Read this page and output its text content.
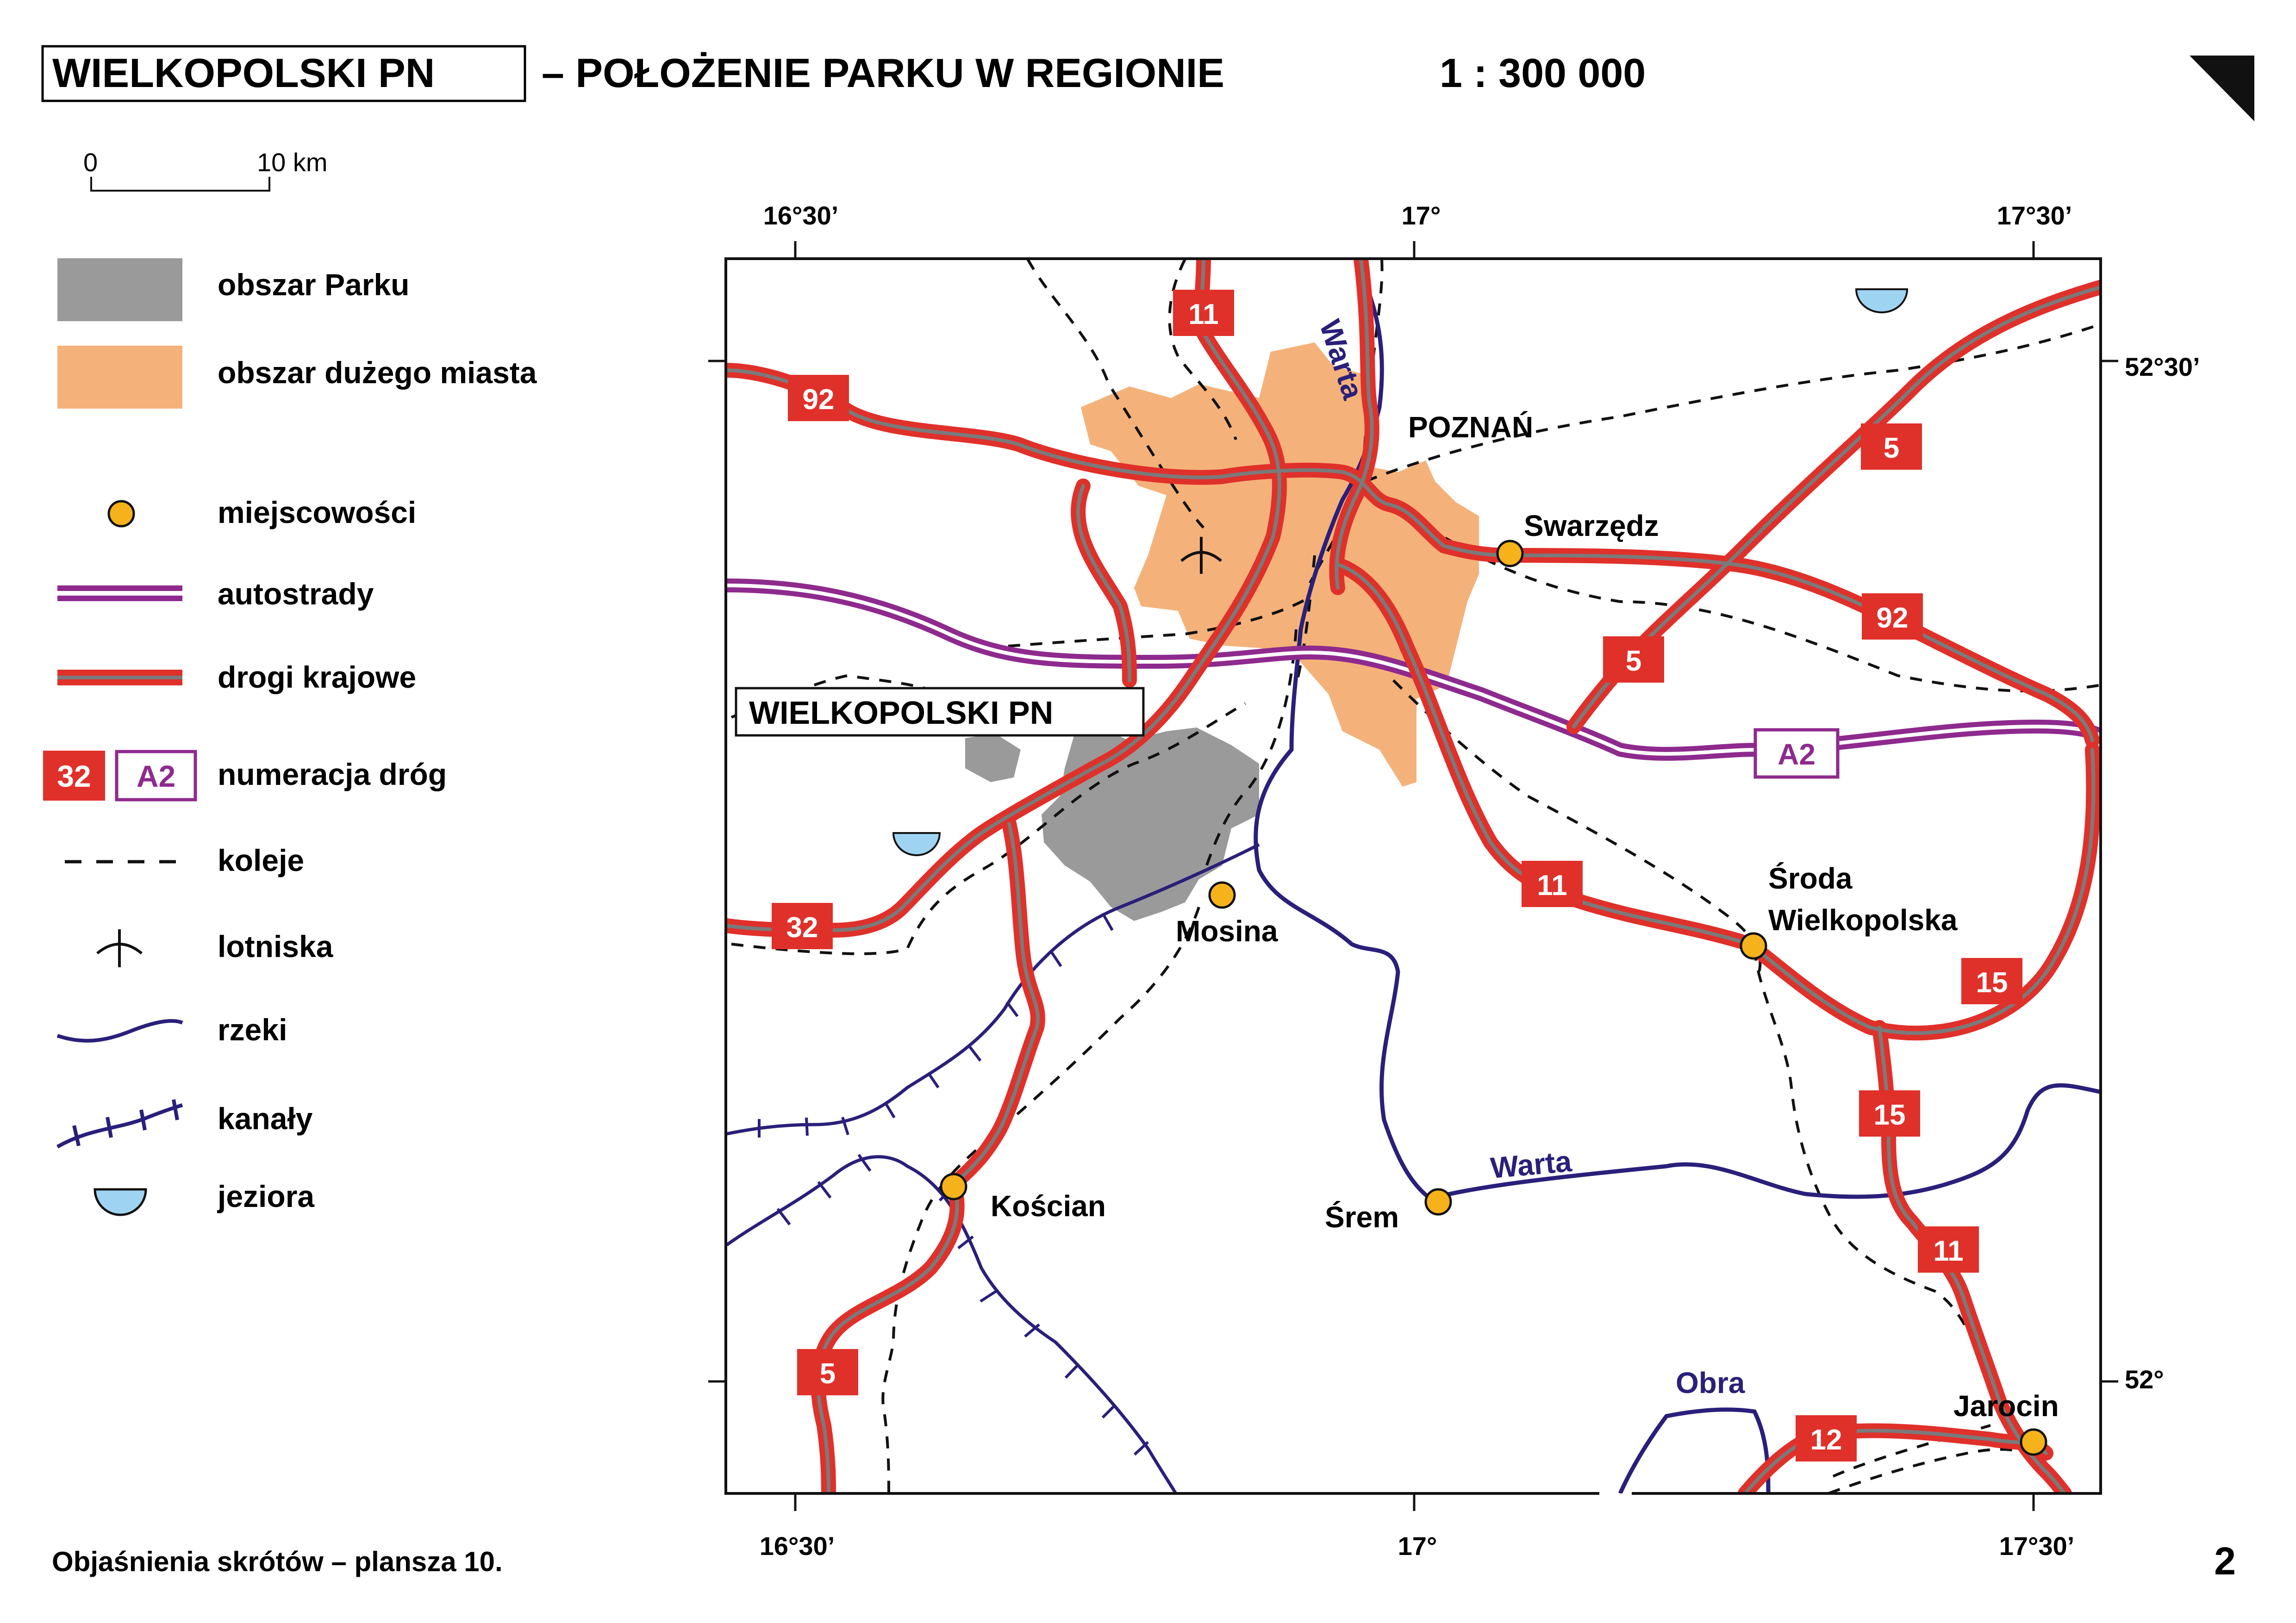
WIELKOPOLSKI PN	– POŁOŻENIE PARKU W REGIONIE	1 : 300 000
0	10 km
obszar Parku
obszar dużego miasta
miejscowości
autostrady
drogi krajowe
32 A2 numeracja dróg
koleje
lotniska
rzeki
kanały
jeziora
16°30’	17°	17°30’
16°30’	17°	17°30’
52°30’
52°
11
92
5
5
92
A2
32
11
15
15
11
5
12
POZNAŃ
Swarzędz
Środa
Wielkopolska
Mosina
Kościan	Śrem
Jarocin
Warta
Warta
Obra
WIELKOPOLSKI PN
Objaśnienia skrótów – plansza 10.	2
